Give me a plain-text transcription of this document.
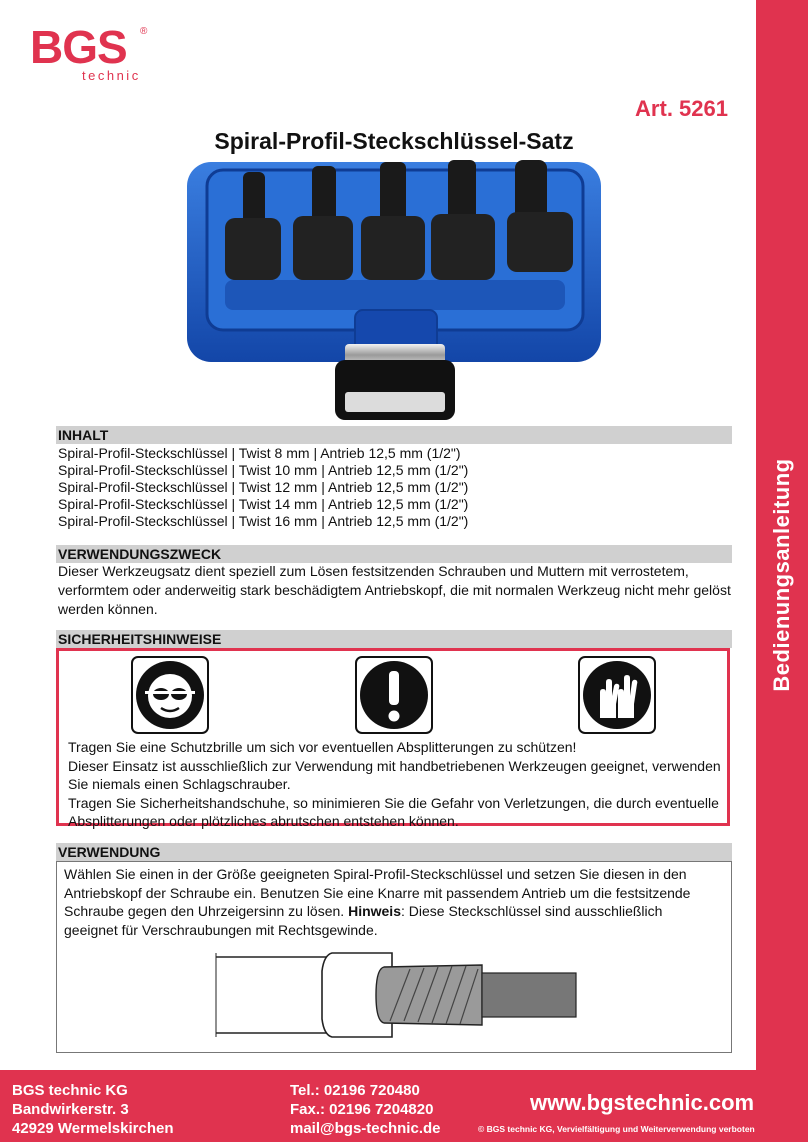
Bedienungsanleitung
BGS ®
technic
Art. 5261
Spiral-Profil-Steckschlüssel-Satz
INHALT
Spiral-Profil-Steckschlüssel | Twist 8 mm | Antrieb 12,5 mm (1/2")
Spiral-Profil-Steckschlüssel | Twist 10 mm | Antrieb 12,5 mm (1/2")
Spiral-Profil-Steckschlüssel | Twist 12 mm | Antrieb 12,5 mm (1/2")
Spiral-Profil-Steckschlüssel | Twist 14 mm | Antrieb 12,5 mm (1/2")
Spiral-Profil-Steckschlüssel | Twist 16 mm | Antrieb 12,5 mm (1/2")
VERWENDUNGSZWECK
Dieser Werkzeugsatz dient speziell zum Lösen festsitzenden Schrauben und Muttern mit verrostetem, verformtem oder anderweitig stark beschädigtem Antriebskopf, die mit normalen Werkzeug nicht mehr gelöst werden können.
SICHERHEITSHINWEISE
Tragen Sie eine Schutzbrille um sich vor eventuellen Absplitterungen zu schützen!
Dieser Einsatz ist ausschließlich zur Verwendung mit handbetriebenen Werkzeugen geeignet, verwenden Sie niemals einen Schlagschrauber.
Tragen Sie Sicherheitshandschuhe, so minimieren Sie die Gefahr von Verletzungen, die durch eventuelle Absplitterungen oder plötzliches abrutschen entstehen können.
VERWENDUNG
Wählen Sie einen in der Größe geeigneten Spiral-Profil-Steckschlüssel und setzen Sie diesen in den Antriebskopf der Schraube ein. Benutzen Sie eine Knarre mit passendem Antrieb um die festsitzende Schraube gegen den Uhrzeigersinn zu lösen. Hinweis: Diese Steckschlüssel sind ausschließlich geeignet für Verschraubungen mit Rechtsgewinde.
BGS technic KG
Bandwirkerstr. 3
42929 Wermelskirchen
Tel.: 02196 720480
Fax.: 02196 7204820
mail@bgs-technic.de
www.bgstechnic.com
© BGS technic KG, Vervielfältigung und Weiterverwendung verboten
